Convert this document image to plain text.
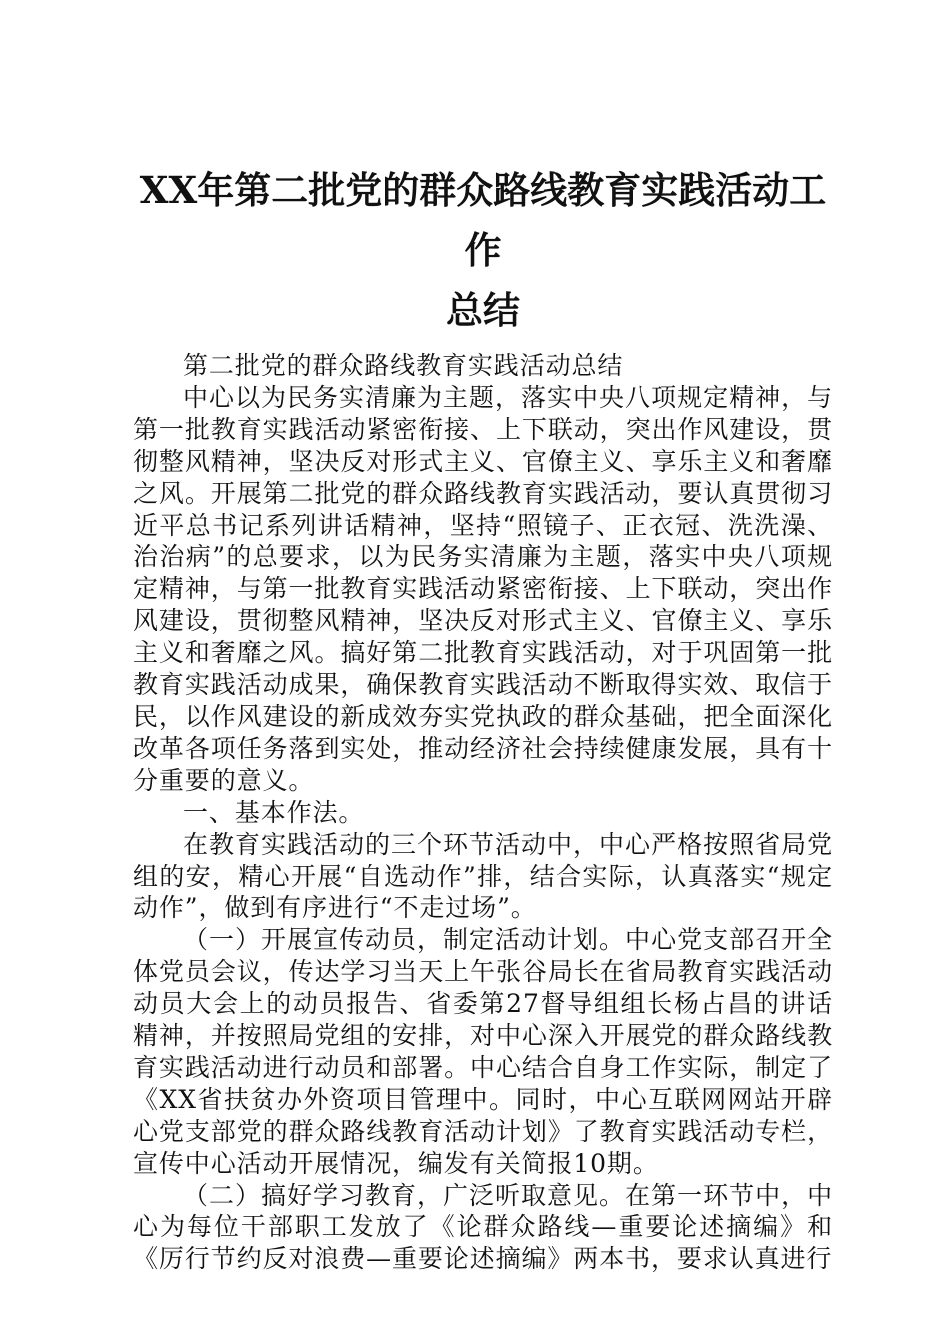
XX年第二批党的群众路线教育实践活动工作
总结

第二批党的群众路线教育实践活动总结

中心以为民务实清廉为主题，落实中央八项规定精神，与第一批教育实践活动紧密衔接、上下联动，突出作风建设，贯彻整风精神，坚决反对形式主义、官僚主义、享乐主义和奢靡之风。开展第二批党的群众路线教育实践活动，要认真贯彻习近平总书记系列讲话精神，坚持“照镜子、正衣冠、洗洗澡、治治病”的总要求，以为民务实清廉为主题，落实中央八项规定精神，与第一批教育实践活动紧密衔接、上下联动，突出作风建设，贯彻整风精神，坚决反对形式主义、官僚主义、享乐主义和奢靡之风。搞好第二批教育实践活动，对于巩固第一批教育实践活动成果，确保教育实践活动不断取得实效、取信于民，以作风建设的新成效夯实党执政的群众基础，把全面深化改革各项任务落到实处，推动经济社会持续健康发展，具有十分重要的意义。

一、基本作法。

在教育实践活动的三个环节活动中，中心严格按照省局党组的安，精心开展“自选动作”排，结合实际，认真落实“规定动作”，做到有序进行“不走过场”。

（一）开展宣传动员，制定活动计划。中心党支部召开全体党员会议，传达学习当天上午张谷局长在省局教育实践活动动员大会上的动员报告、省委第27督导组组长杨占昌的讲话精神，并按照局党组的安排，对中心深入开展党的群众路线教育实践活动进行动员和部署。中心结合自身工作实际，制定了《XX省扶贫办外资项目管理中。同时，中心互联网网站开辟心党支部党的群众路线教育活动计划》了教育实践活动专栏，宣传中心活动开展情况，编发有关简报10期。

（二）搞好学习教育，广泛听取意见。在第一环节中，中心为每位干部职工发放了《论群众路线—重要论述摘编》和《厉行节约反对浪费—重要论述摘编》两本书，要求认真进行
